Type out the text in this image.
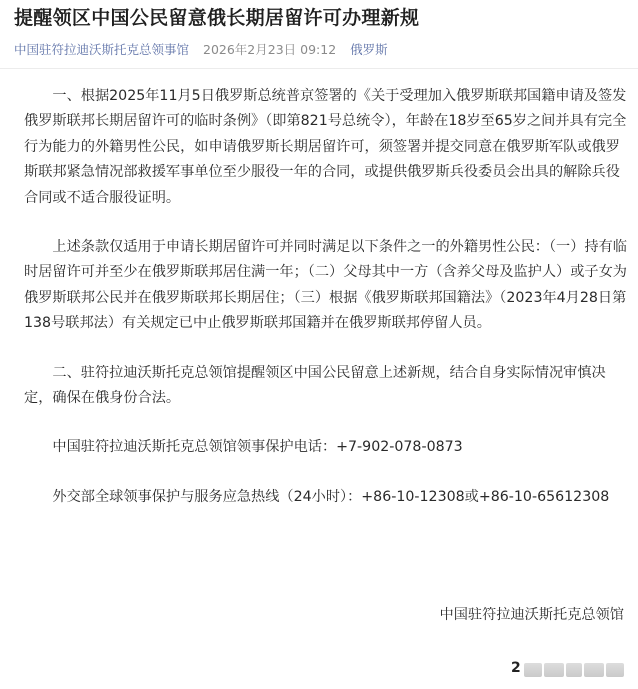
提醒领区中国公民留意俄长期居留许可办理新规
中国驻符拉迪沃斯托克总领事馆 2026年2月23日 09:12 俄罗斯

一、根据2025年11月5日俄罗斯总统普京签署的《关于受理加入俄罗斯联邦国籍申请及签发俄罗斯联邦长期居留许可的临时条例》（即第821号总统令），年龄在18岁至65岁之间并具有完全行为能力的外籍男性公民，如申请俄罗斯长期居留许可，须签署并提交同意在俄罗斯军队或俄罗斯联邦紧急情况部救援军事单位至少服役一年的合同，或提供俄罗斯兵役委员会出具的解除兵役合同或不适合服役证明。

上述条款仅适用于申请长期居留许可并同时满足以下条件之一的外籍男性公民：（一）持有临时居留许可并至少在俄罗斯联邦居住满一年；（二）父母其中一方（含养父母及监护人）或子女为俄罗斯联邦公民并在俄罗斯联邦长期居住；（三）根据《俄罗斯联邦国籍法》（2023年4月28日第138号联邦法）有关规定已中止俄罗斯联邦国籍并在俄罗斯联邦停留人员。

二、驻符拉迪沃斯托克总领馆提醒领区中国公民留意上述新规，结合自身实际情况审慎决定，确保在俄身份合法。

中国驻符拉迪沃斯托克总领馆领事保护电话：+7-902-078-0873

外交部全球领事保护与服务应急热线（24小时）：+86-10-12308或+86-10-65612308

中国驻符拉迪沃斯托克总领馆
2
